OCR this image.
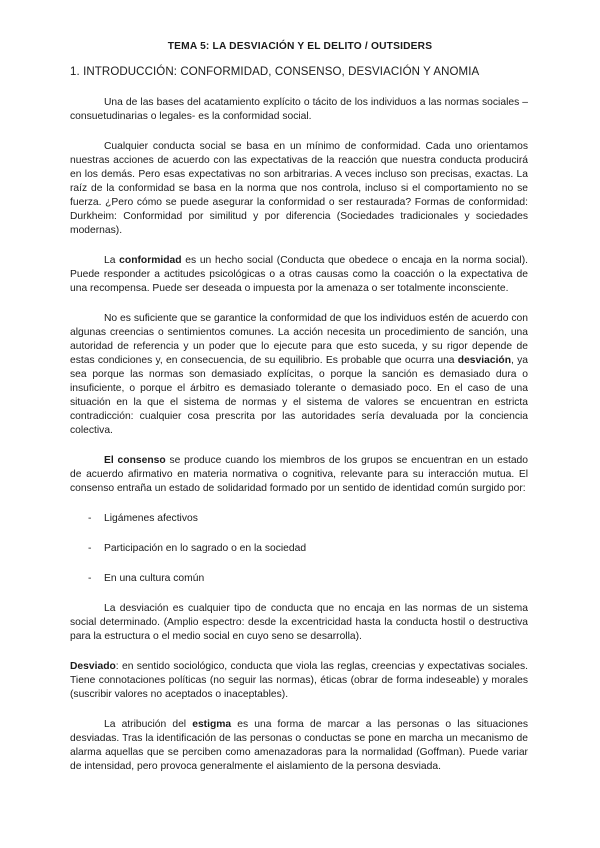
TEMA 5: LA DESVIACIÓN Y EL DELITO / OUTSIDERS
1. INTRODUCCIÓN: CONFORMIDAD, CONSENSO, DESVIACIÓN Y ANOMIA

Una de las bases del acatamiento explícito o tácito de los individuos a las normas sociales – consuetudinarias o legales- es la conformidad social.

Cualquier conducta social se basa en un mínimo de conformidad. Cada uno orientamos nuestras acciones de acuerdo con las expectativas de la reacción que nuestra conducta producirá en los demás. Pero esas expectativas no son arbitrarias. A veces incluso son precisas, exactas. La raíz de la conformidad se basa en la norma que nos controla, incluso si el comportamiento no se fuerza. ¿Pero cómo se puede asegurar la conformidad o ser restaurada? Formas de conformidad: Durkheim: Conformidad por similitud y por diferencia (Sociedades tradicionales y sociedades modernas).

La conformidad es un hecho social (Conducta que obedece o encaja en la norma social). Puede responder a actitudes psicológicas o a otras causas como la coacción o la expectativa de una recompensa. Puede ser deseada o impuesta por la amenaza o ser totalmente inconsciente.

No es suficiente que se garantice la conformidad de que los individuos estén de acuerdo con algunas creencias o sentimientos comunes. La acción necesita un procedimiento de sanción, una autoridad de referencia y un poder que lo ejecute para que esto suceda, y su rigor depende de estas condiciones y, en consecuencia, de su equilibrio. Es probable que ocurra una desviación, ya sea porque las normas son demasiado explícitas, o porque la sanción es demasiado dura o insuficiente, o porque el árbitro es demasiado tolerante o demasiado poco. En el caso de una situación en la que el sistema de normas y el sistema de valores se encuentran en estricta contradicción: cualquier cosa prescrita por las autoridades sería devaluada por la conciencia colectiva.

El consenso se produce cuando los miembros de los grupos se encuentran en un estado de acuerdo afirmativo en materia normativa o cognitiva, relevante para su interacción mutua. El consenso entraña un estado de solidaridad formado por un sentido de identidad común surgido por:

- Ligámenes afectivos
- Participación en lo sagrado o en la sociedad
- En una cultura común

La desviación es cualquier tipo de conducta que no encaja en las normas de un sistema social determinado. (Amplio espectro: desde la excentricidad hasta la conducta hostil o destructiva para la estructura o el medio social en cuyo seno se desarrolla).

Desviado: en sentido sociológico, conducta que viola las reglas, creencias y expectativas sociales. Tiene connotaciones políticas (no seguir las normas), éticas (obrar de forma indeseable) y morales (suscribir valores no aceptados o inaceptables).

La atribución del estigma es una forma de marcar a las personas o las situaciones desviadas. Tras la identificación de las personas o conductas se pone en marcha un mecanismo de alarma aquellas que se perciben como amenazadoras para la normalidad (Goffman). Puede variar de intensidad, pero provoca generalmente el aislamiento de la persona desviada.
